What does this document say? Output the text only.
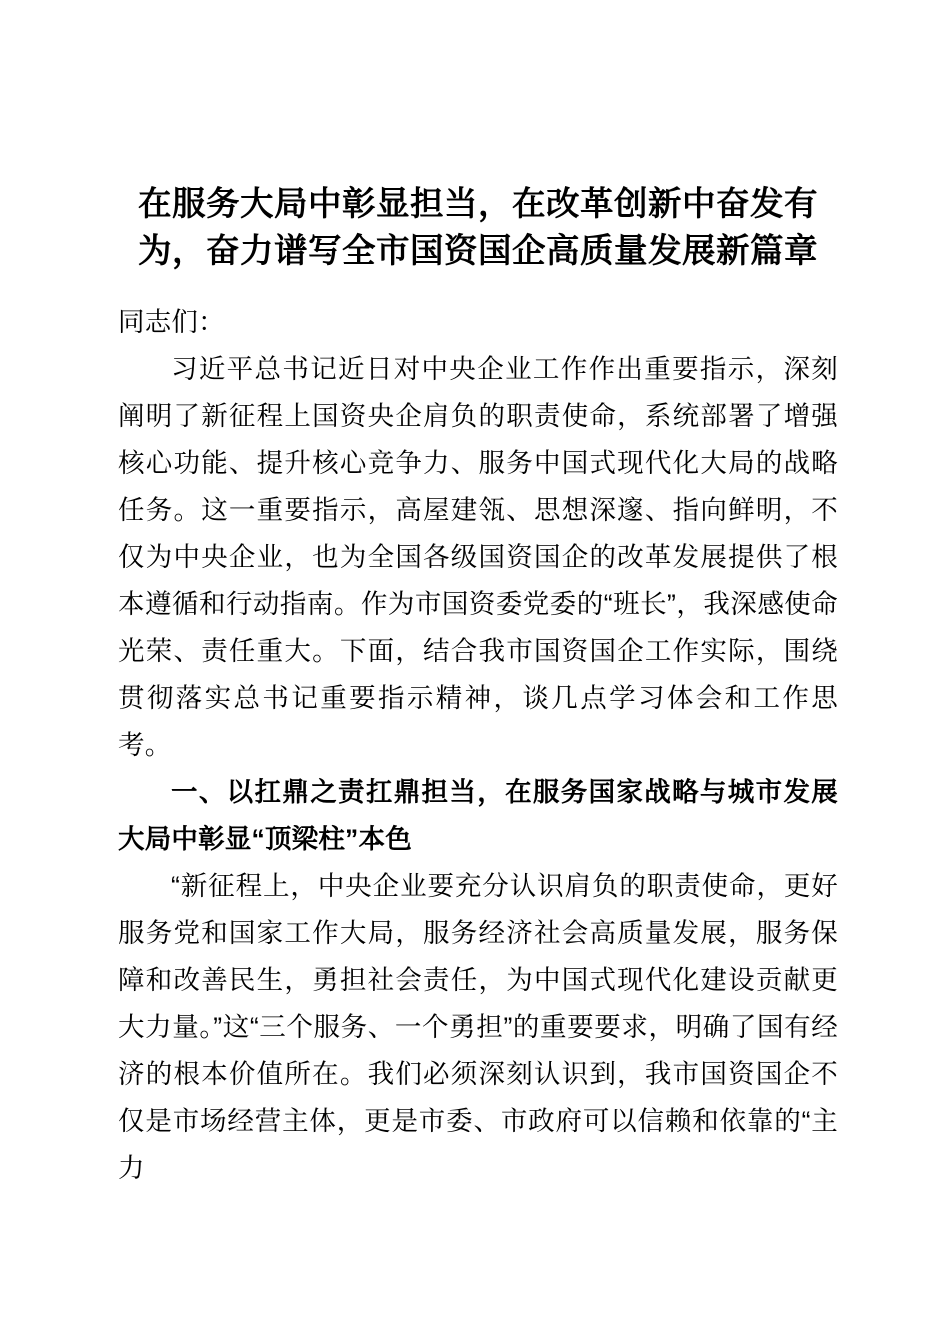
在服务大局中彰显担当，在改革创新中奋发有为，奋力谱写全市国资国企高质量发展新篇章

同志们：

习近平总书记近日对中央企业工作作出重要指示，深刻阐明了新征程上国资央企肩负的职责使命，系统部署了增强核心功能、提升核心竞争力、服务中国式现代化大局的战略任务。这一重要指示，高屋建瓴、思想深邃、指向鲜明，不仅为中央企业，也为全国各级国资国企的改革发展提供了根本遵循和行动指南。作为市国资委党委的“班长”，我深感使命光荣、责任重大。下面，结合我市国资国企工作实际，围绕贯彻落实总书记重要指示精神，谈几点学习体会和工作思考。

一、以扛鼎之责扛鼎担当，在服务国家战略与城市发展大局中彰显“顶梁柱”本色

“新征程上，中央企业要充分认识肩负的职责使命，更好服务党和国家工作大局，服务经济社会高质量发展，服务保障和改善民生，勇担社会责任，为中国式现代化建设贡献更大力量。”这“三个服务、一个勇担”的重要要求，明确了国有经济的根本价值所在。我们必须深刻认识到，我市国资国企不仅是市场经营主体，更是市委、市政府可以信赖和依靠的“主力
